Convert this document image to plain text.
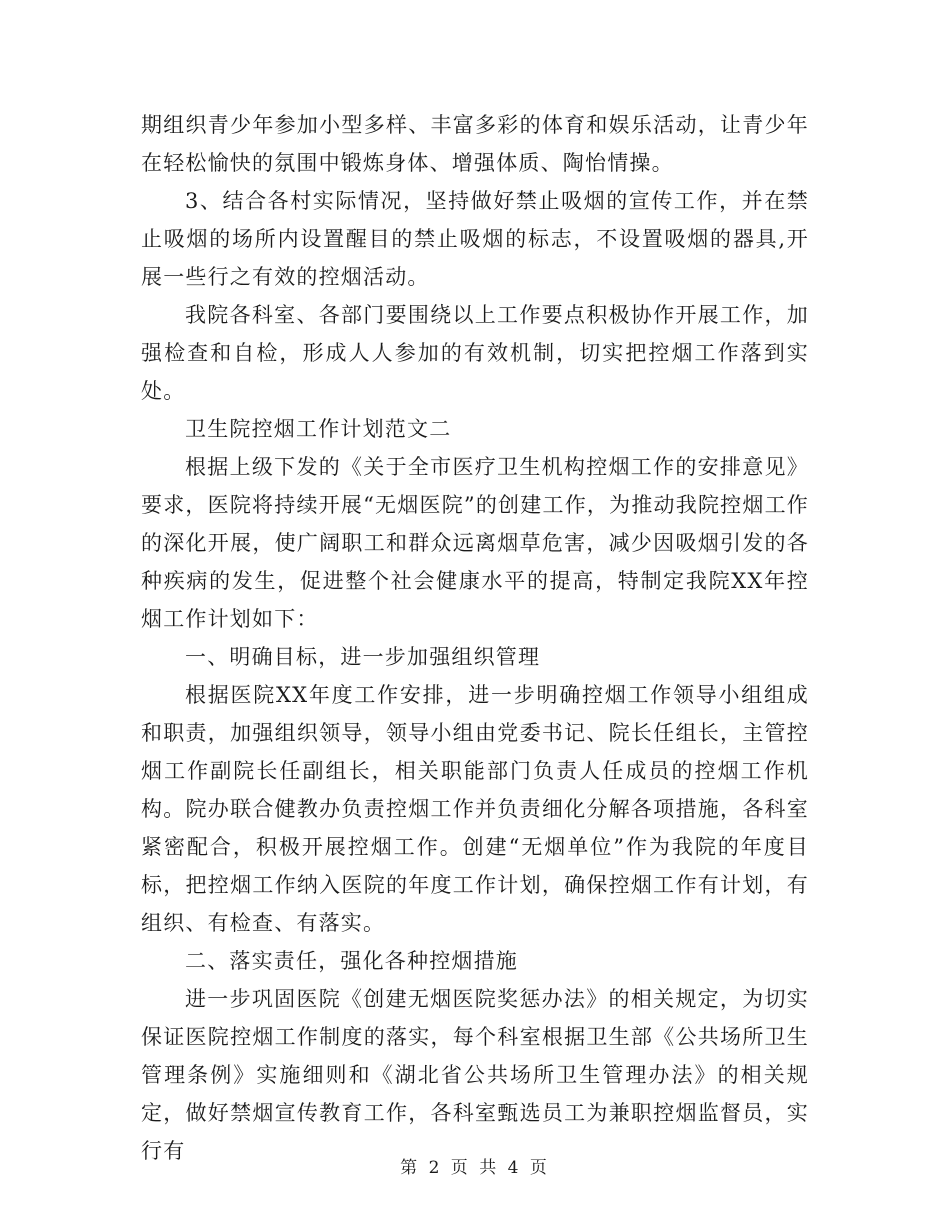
期组织青少年参加小型多样、丰富多彩的体育和娱乐活动，让青少年在轻松愉快的氛围中锻炼身体、增强体质、陶怡情操。

3、结合各村实际情况，坚持做好禁止吸烟的宣传工作，并在禁止吸烟的场所内设置醒目的禁止吸烟的标志，不设置吸烟的器具,开展一些行之有效的控烟活动。

我院各科室、各部门要围绕以上工作要点积极协作开展工作，加强检查和自检，形成人人参加的有效机制，切实把控烟工作落到实处。

卫生院控烟工作计划范文二

根据上级下发的《关于全市医疗卫生机构控烟工作的安排意见》要求，医院将持续开展“无烟医院”的创建工作，为推动我院控烟工作的深化开展，使广阔职工和群众远离烟草危害，减少因吸烟引发的各种疾病的发生，促进整个社会健康水平的提高，特制定我院XX年控烟工作计划如下：

一、明确目标，进一步加强组织管理

根据医院XX年度工作安排，进一步明确控烟工作领导小组组成和职责，加强组织领导，领导小组由党委书记、院长任组长，主管控烟工作副院长任副组长，相关职能部门负责人任成员的控烟工作机构。院办联合健教办负责控烟工作并负责细化分解各项措施，各科室紧密配合，积极开展控烟工作。创建“无烟单位”作为我院的年度目标，把控烟工作纳入医院的年度工作计划，确保控烟工作有计划，有组织、有检查、有落实。

二、落实责任，强化各种控烟措施

进一步巩固医院《创建无烟医院奖惩办法》的相关规定，为切实保证医院控烟工作制度的落实，每个科室根据卫生部《公共场所卫生管理条例》实施细则和《湖北省公共场所卫生管理办法》的相关规定，做好禁烟宣传教育工作，各科室甄选员工为兼职控烟监督员，实行有

第 2 页 共 4 页
